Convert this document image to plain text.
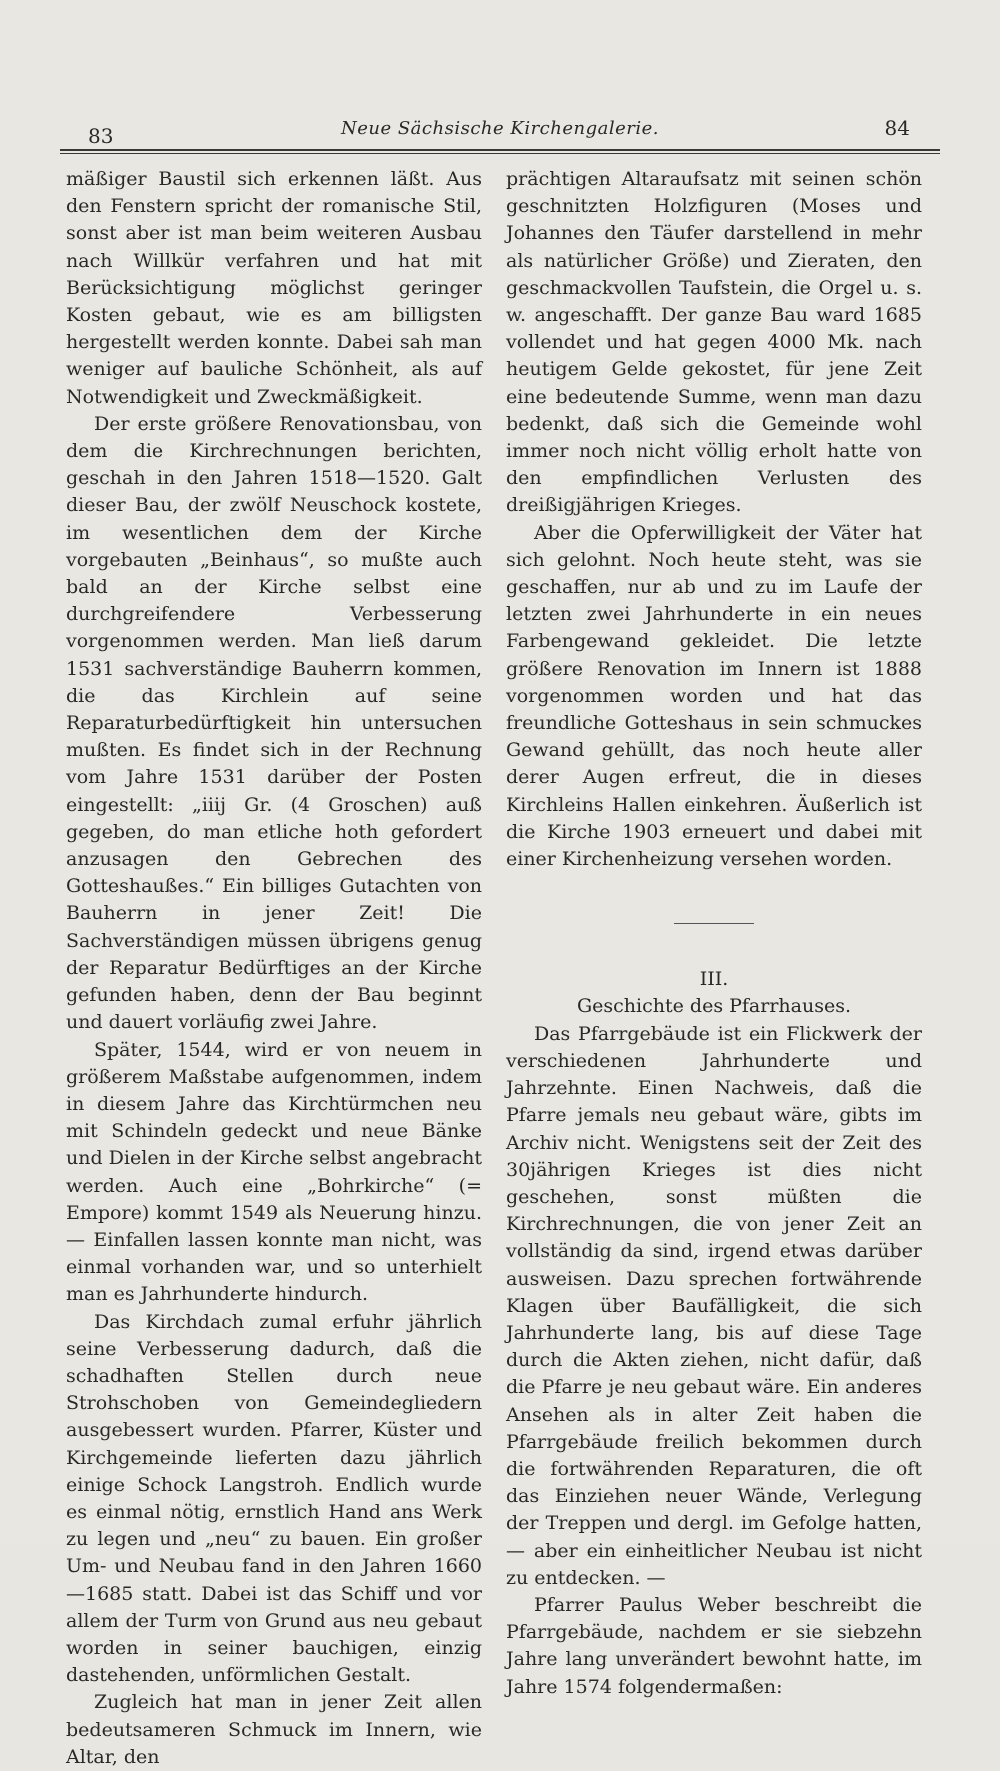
83	Neue Sächsische Kirchengalerie.	84

mäßiger Baustil sich erkennen läßt. Aus den Fenstern spricht der romanische Stil, sonst aber ist man beim weiteren Ausbau nach Willkür verfahren und hat mit Berücksichtigung möglichst geringer Kosten gebaut, wie es am billigsten hergestellt werden konnte. Dabei sah man weniger auf bauliche Schönheit, als auf Notwendigkeit und Zweckmäßigkeit.

Der erste größere Renovationsbau, von dem die Kirchrechnungen berichten, geschah in den Jahren 1518—1520. Galt dieser Bau, der zwölf Neuschock kostete, im wesentlichen dem der Kirche vorgebauten „Beinhaus“, so mußte auch bald an der Kirche selbst eine durchgreifendere Verbesserung vorgenommen werden. Man ließ darum 1531 sachverständige Bauherrn kommen, die das Kirchlein auf seine Reparaturbedürftigkeit hin untersuchen mußten. Es findet sich in der Rechnung vom Jahre 1531 darüber der Posten eingestellt: „iiij Gr. (4 Groschen) auß gegeben, do man etliche hoth gefordert anzusagen den Gebrechen des Gotteshaußes.“ Ein billiges Gutachten von Bauherrn in jener Zeit! Die Sachverständigen müssen übrigens genug der Reparatur Bedürftiges an der Kirche gefunden haben, denn der Bau beginnt und dauert vorläufig zwei Jahre.

Später, 1544, wird er von neuem in größerem Maßstabe aufgenommen, indem in diesem Jahre das Kirchtürmchen neu mit Schindeln gedeckt und neue Bänke und Dielen in der Kirche selbst angebracht werden. Auch eine „Bohrkirche“ (= Empore) kommt 1549 als Neuerung hinzu. — Einfallen lassen konnte man nicht, was einmal vorhanden war, und so unterhielt man es Jahrhunderte hindurch.

Das Kirchdach zumal erfuhr jährlich seine Verbesserung dadurch, daß die schadhaften Stellen durch neue Strohschoben von Gemeindegliedern ausgebessert wurden. Pfarrer, Küster und Kirchgemeinde lieferten dazu jährlich einige Schock Langstroh. Endlich wurde es einmal nötig, ernstlich Hand ans Werk zu legen und „neu“ zu bauen. Ein großer Um- und Neubau fand in den Jahren 1660—1685 statt. Dabei ist das Schiff und vor allem der Turm von Grund aus neu gebaut worden in seiner bauchigen, einzig dastehenden, unförmlichen Gestalt.

Zugleich hat man in jener Zeit allen bedeutsameren Schmuck im Innern, wie Altar, den

prächtigen Altaraufsatz mit seinen schön geschnitzten Holzfiguren (Moses und Johannes den Täufer darstellend in mehr als natürlicher Größe) und Zieraten, den geschmackvollen Taufstein, die Orgel u. s. w. angeschafft. Der ganze Bau ward 1685 vollendet und hat gegen 4000 Mk. nach heutigem Gelde gekostet, für jene Zeit eine bedeutende Summe, wenn man dazu bedenkt, daß sich die Gemeinde wohl immer noch nicht völlig erholt hatte von den empfindlichen Verlusten des dreißigjährigen Krieges.

Aber die Opferwilligkeit der Väter hat sich gelohnt. Noch heute steht, was sie geschaffen, nur ab und zu im Laufe der letzten zwei Jahrhunderte in ein neues Farbengewand gekleidet. Die letzte größere Renovation im Innern ist 1888 vorgenommen worden und hat das freundliche Gotteshaus in sein schmuckes Gewand gehüllt, das noch heute aller derer Augen erfreut, die in dieses Kirchleins Hallen einkehren. Äußerlich ist die Kirche 1903 erneuert und dabei mit einer Kirchenheizung versehen worden.

III.

Geschichte des Pfarrhauses.

Das Pfarrgebäude ist ein Flickwerk der verschiedenen Jahrhunderte und Jahrzehnte. Einen Nachweis, daß die Pfarre jemals neu gebaut wäre, gibts im Archiv nicht. Wenigstens seit der Zeit des 30jährigen Krieges ist dies nicht geschehen, sonst müßten die Kirchrechnungen, die von jener Zeit an vollständig da sind, irgend etwas darüber ausweisen. Dazu sprechen fortwährende Klagen über Baufälligkeit, die sich Jahrhunderte lang, bis auf diese Tage durch die Akten ziehen, nicht dafür, daß die Pfarre je neu gebaut wäre. Ein anderes Ansehen als in alter Zeit haben die Pfarrgebäude freilich bekommen durch die fortwährenden Reparaturen, die oft das Einziehen neuer Wände, Verlegung der Treppen und dergl. im Gefolge hatten, — aber ein einheitlicher Neubau ist nicht zu entdecken. —

Pfarrer Paulus Weber beschreibt die Pfarrgebäude, nachdem er sie siebzehn Jahre lang unverändert bewohnt hatte, im Jahre 1574 folgendermaßen:
